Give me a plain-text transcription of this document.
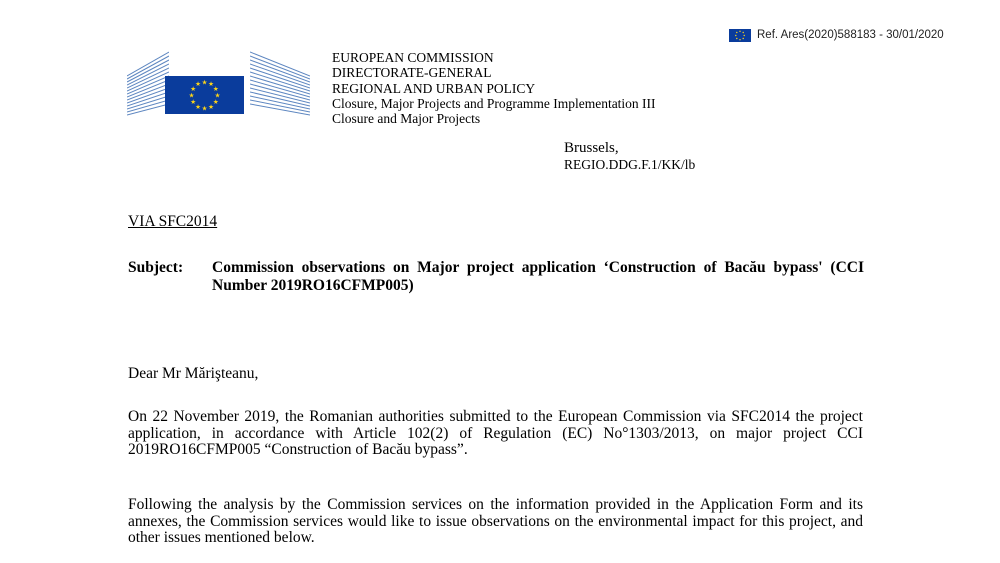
Ref. Ares(2020)588183 - 30/01/2020
★ ★
★
★
★
★
★
★
★
★
★
★
EUROPEAN COMMISSION
DIRECTORATE-GENERAL
REGIONAL AND URBAN POLICY
Closure, Major Projects and Programme Implementation III
Closure and Major Projects
Brussels,
REGIO.DDG.F.1/KK/lb
VIA SFC2014
Subject:	Commission observations on Major project application ‘Construction of Bacău bypass' (CCI Number 2019RO16CFMP005)
Dear Mr Mărişteanu,

On 22 November 2019, the Romanian authorities submitted to the European Commission via SFC2014 the project application, in accordance with Article 102(2) of Regulation (EC) No°1303/2013, on major project CCI 2019RO16CFMP005 “Construction of Bacău bypass”.

Following the analysis by the Commission services on the information provided in the Application Form and its annexes, the Commission services would like to issue observations on the environmental impact for this project, and other issues mentioned below.
